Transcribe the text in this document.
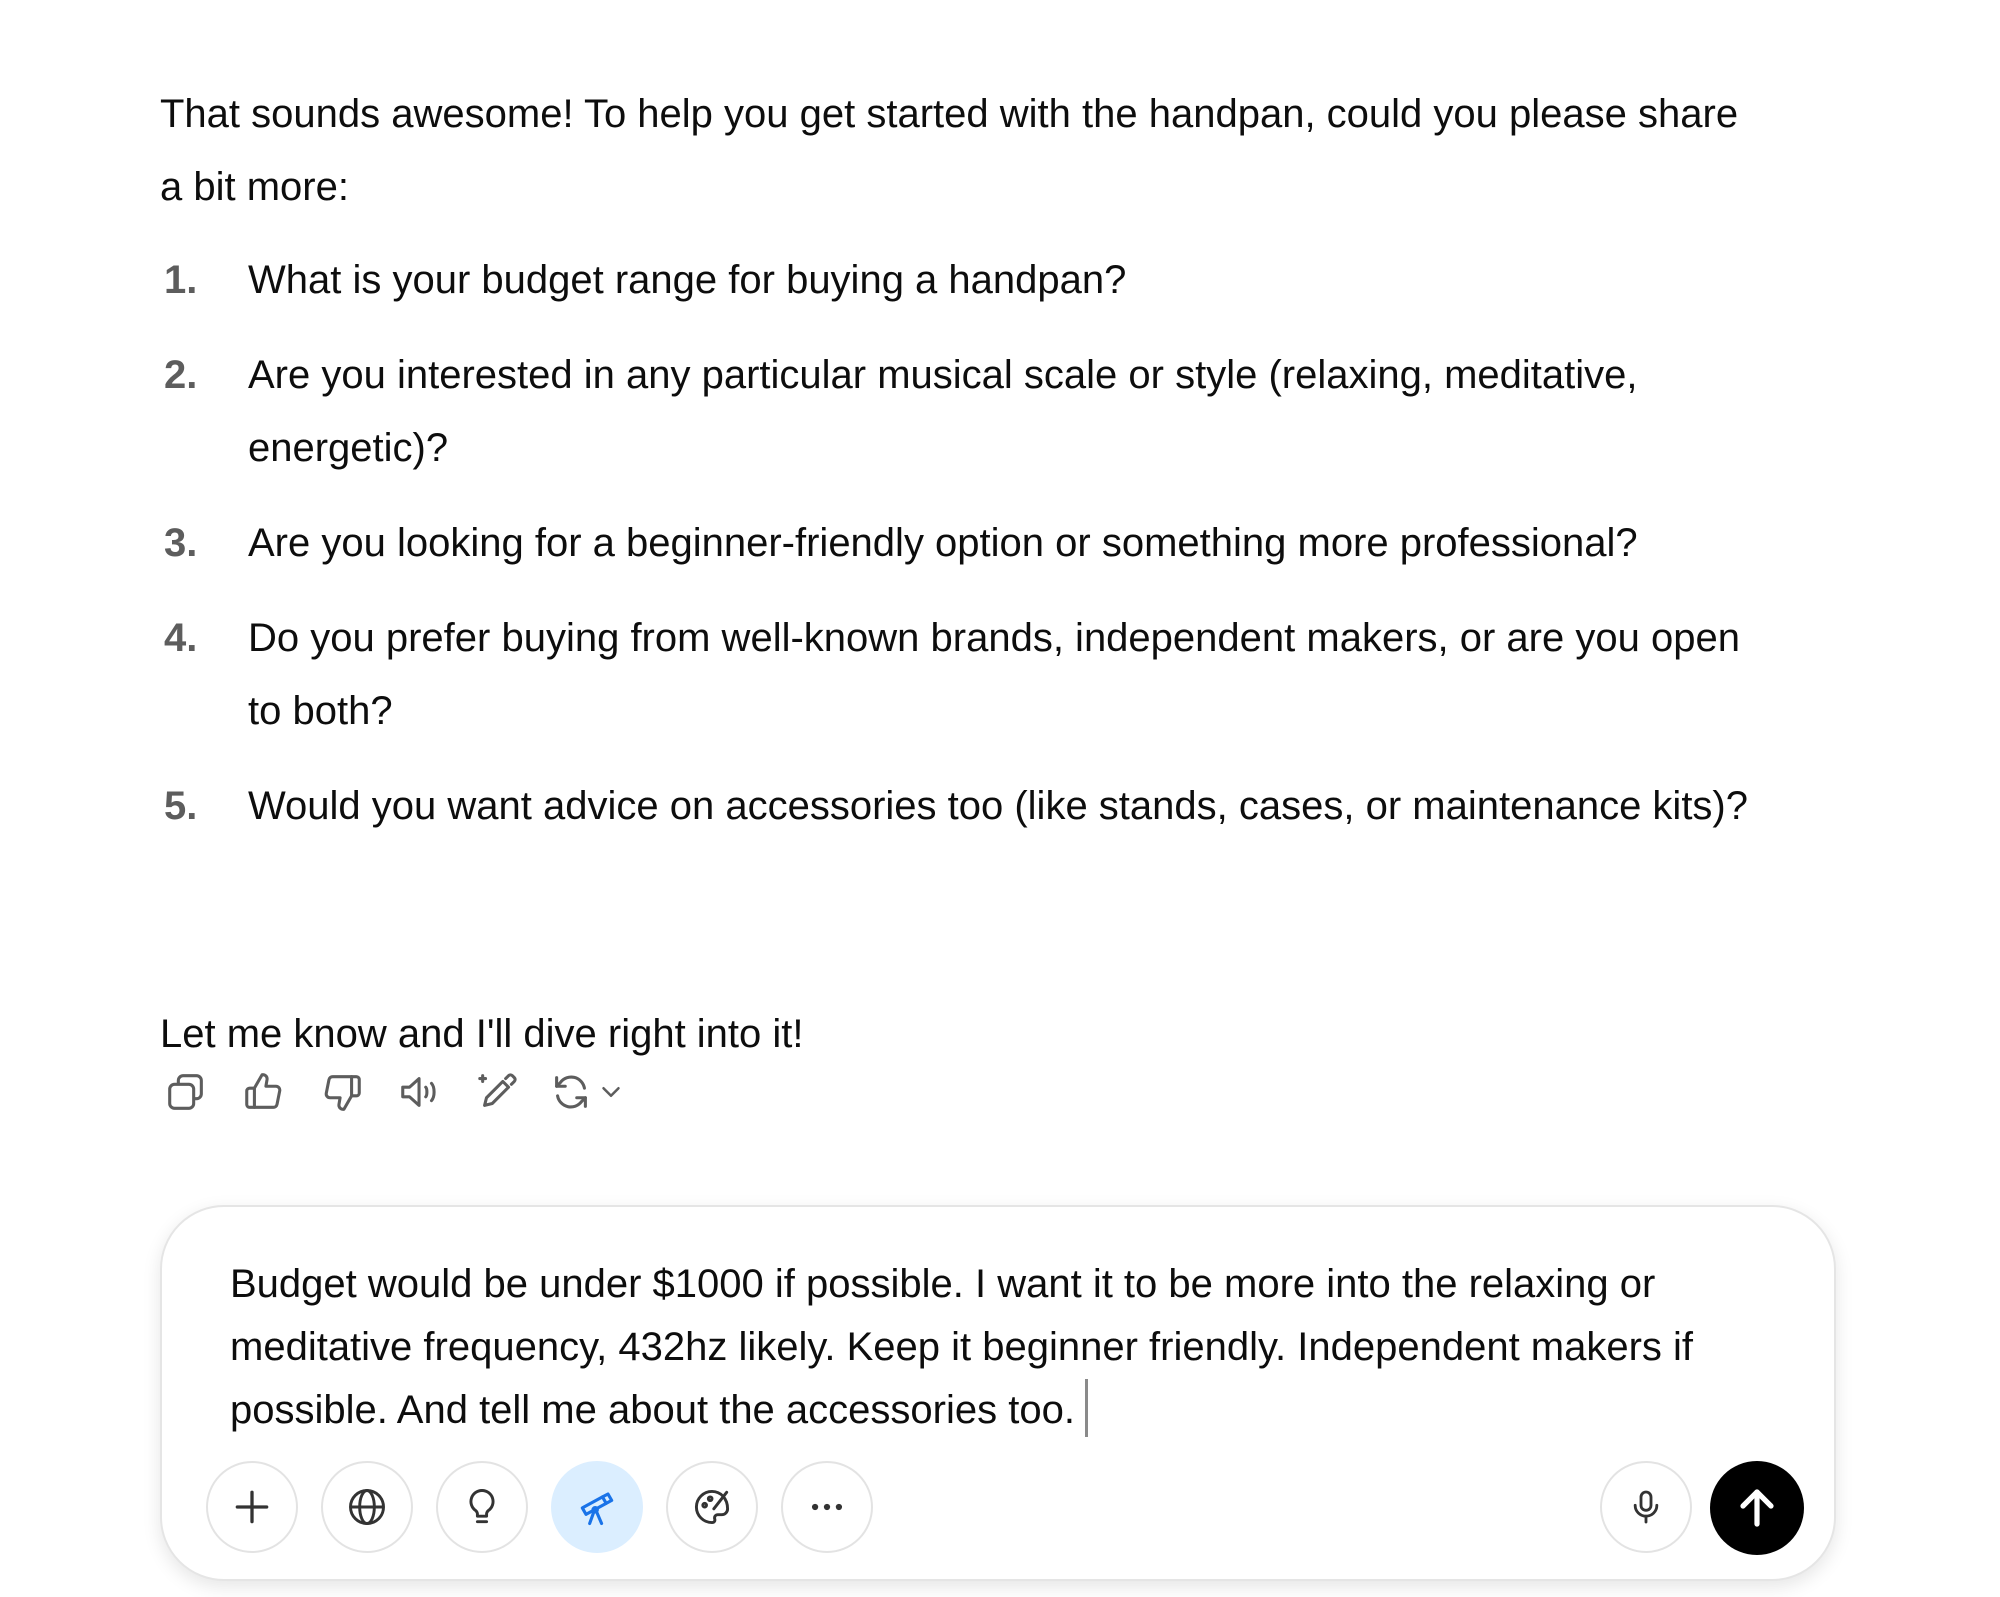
That sounds awesome! To help you get started with the handpan, could you please share a bit more:

1.	What is your budget range for buying a handpan?
2.	Are you interested in any particular musical scale or style (relaxing, meditative, energetic)?
3.	Are you looking for a beginner-friendly option or something more professional?
4.	Do you prefer buying from well-known brands, independent makers, or are you open to both?
5.	Would you want advice on accessories too (like stands, cases, or maintenance kits)?

Let me know and I'll dive right into it!

Budget would be under $1000 if possible. I want it to be more into the relaxing or meditative frequency, 432hz likely. Keep it beginner friendly. Independent makers if possible. And tell me about the accessories too.
